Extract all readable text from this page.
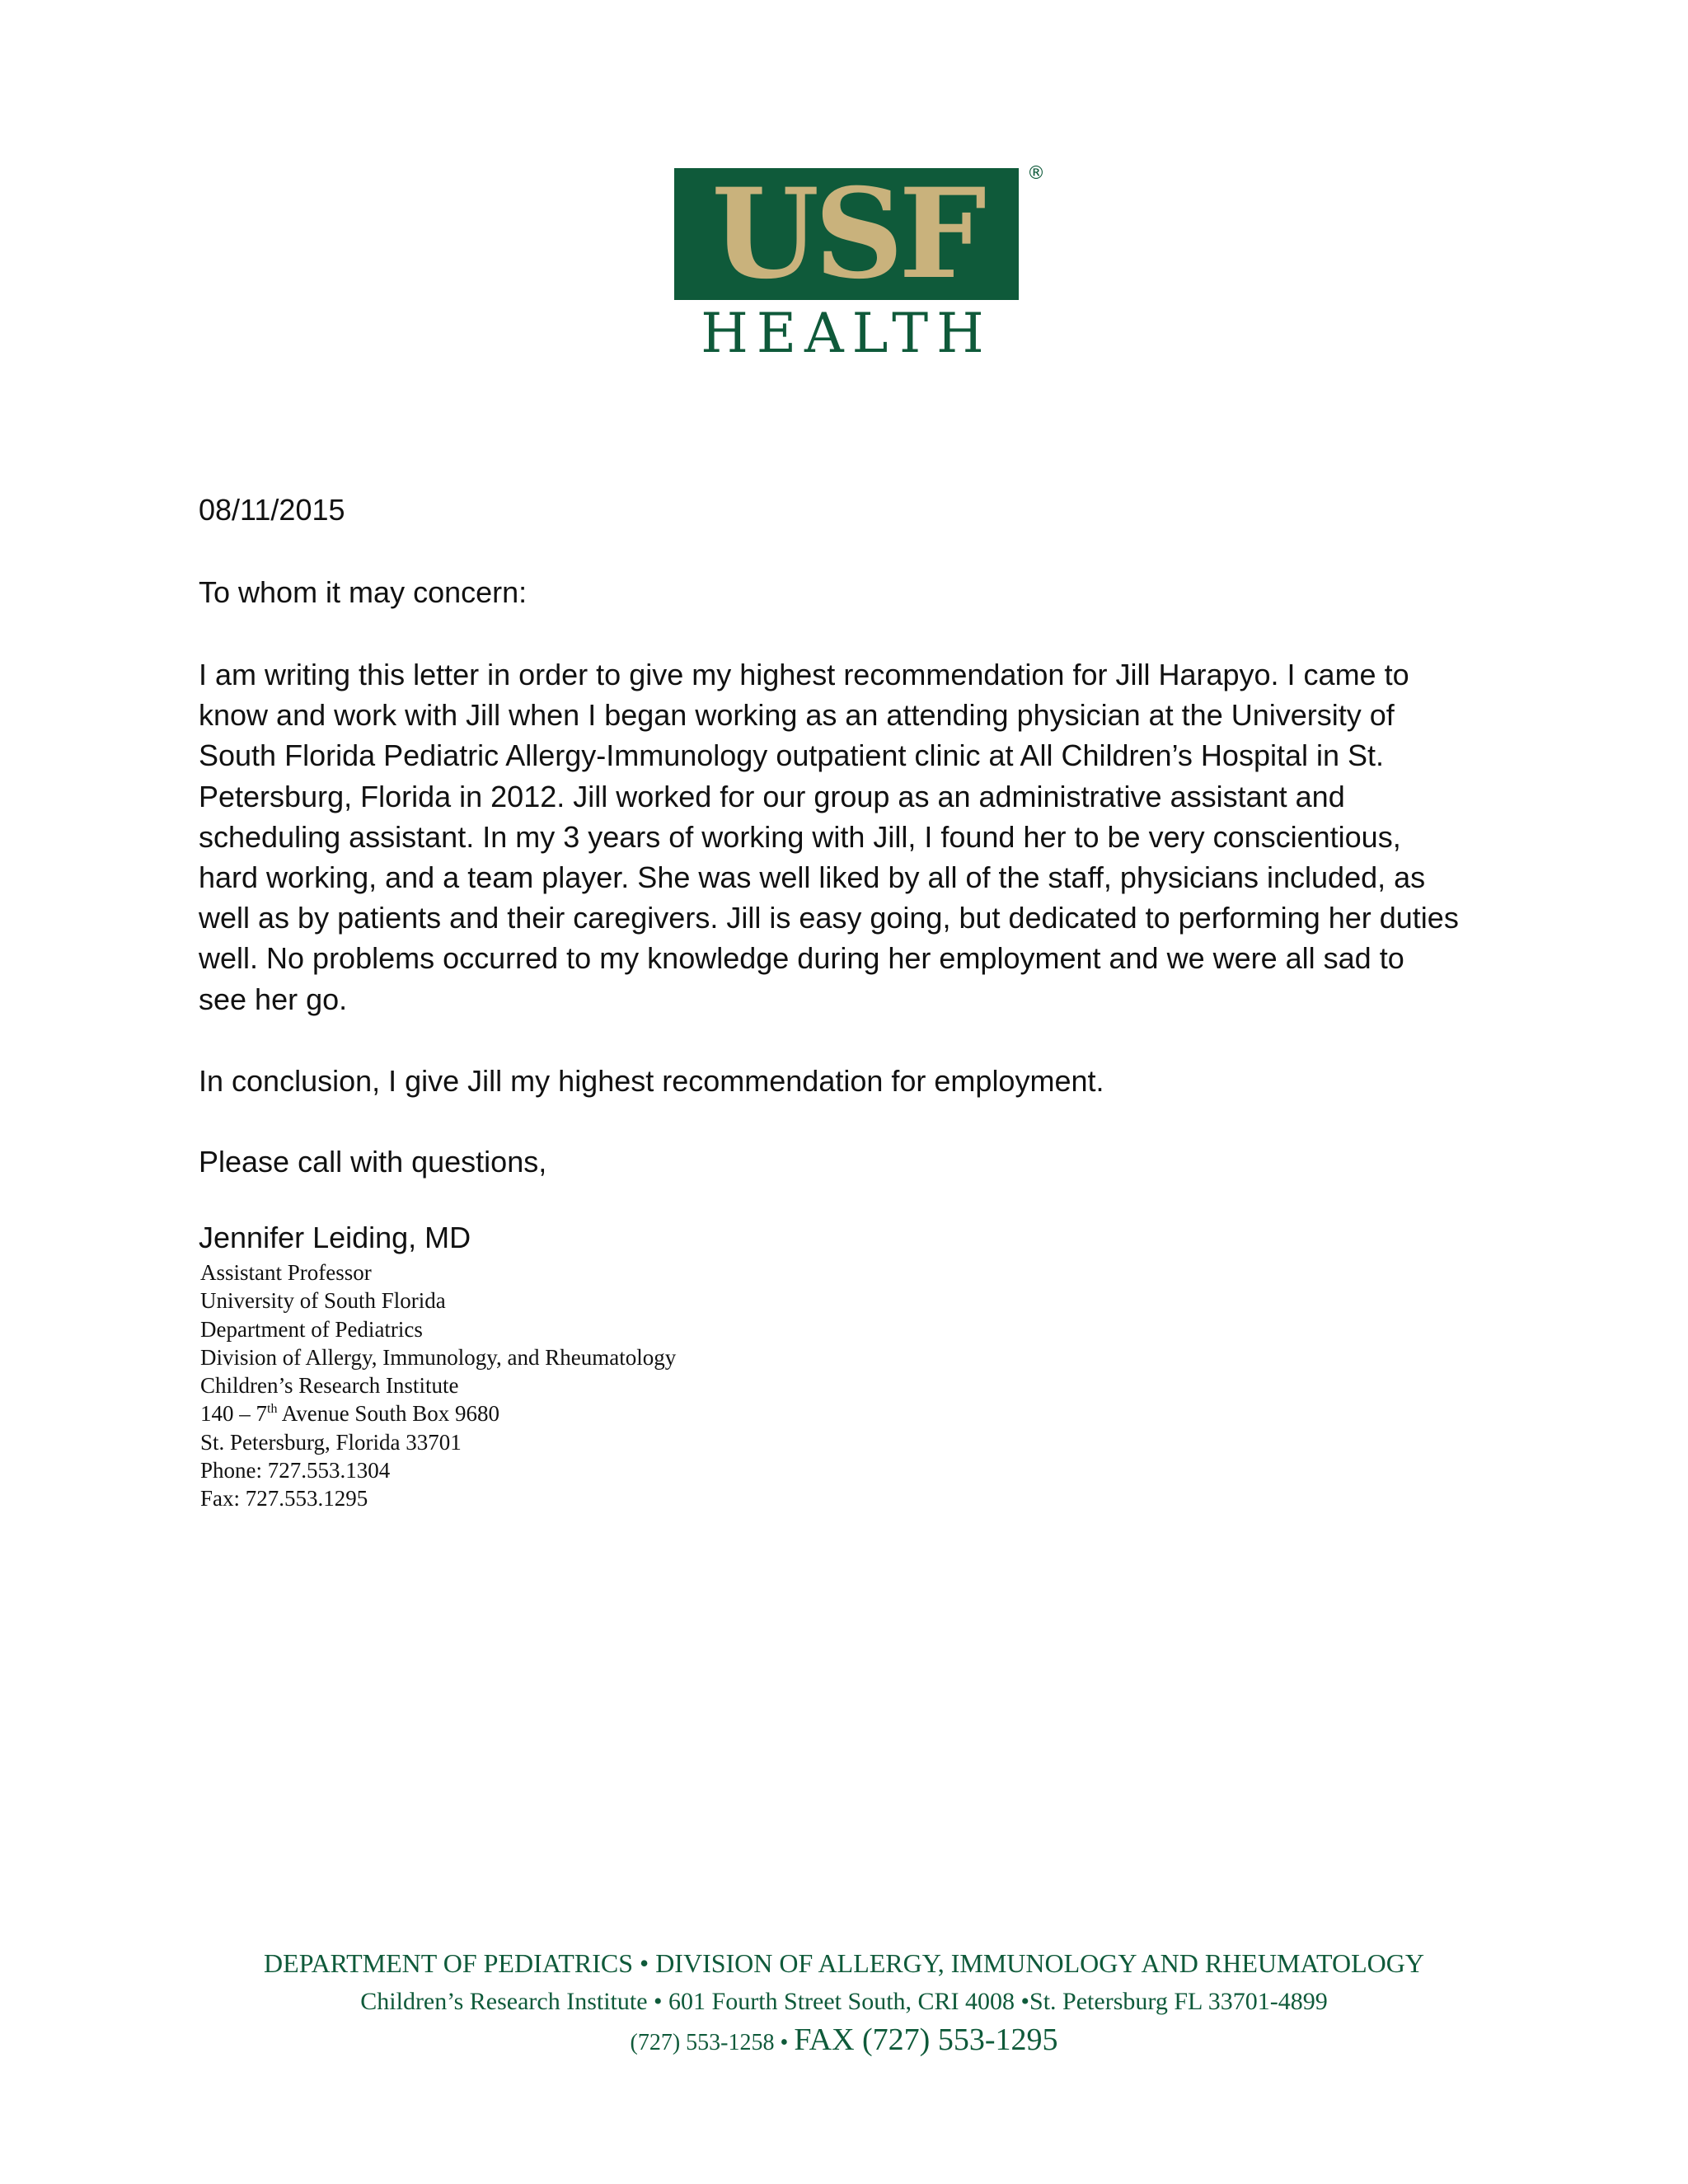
USF	®
HEALTH
08/11/2015
To whom it may concern:
I am writing this letter in order to give my highest recommendation for Jill Harapyo. I came to
know and work with Jill when I began working as an attending physician at the University of
South Florida Pediatric Allergy-Immunology outpatient clinic at All Children’s Hospital in St.
Petersburg, Florida in 2012. Jill worked for our group as an administrative assistant and
scheduling assistant. In my 3 years of working with Jill, I found her to be very conscientious,
hard working, and a team player. She was well liked by all of the staff, physicians included, as
well as by patients and their caregivers. Jill is easy going, but dedicated to performing her duties
well. No problems occurred to my knowledge during her employment and we were all sad to
see her go.
In conclusion, I give Jill my highest recommendation for employment.
Please call with questions,
Jennifer Leiding, MD
Assistant Professor
University of South Florida
Department of Pediatrics
Division of Allergy, Immunology, and Rheumatology
Children’s Research Institute
140 – 7th Avenue South Box 9680
St. Petersburg, Florida 33701
Phone: 727.553.1304
Fax: 727.553.1295
DEPARTMENT OF PEDIATRICS • DIVISION OF ALLERGY, IMMUNOLOGY AND RHEUMATOLOGY
Children’s Research Institute • 601 Fourth Street South, CRI 4008 •St. Petersburg FL 33701-4899
(727) 553-1258 • FAX (727) 553-1295
